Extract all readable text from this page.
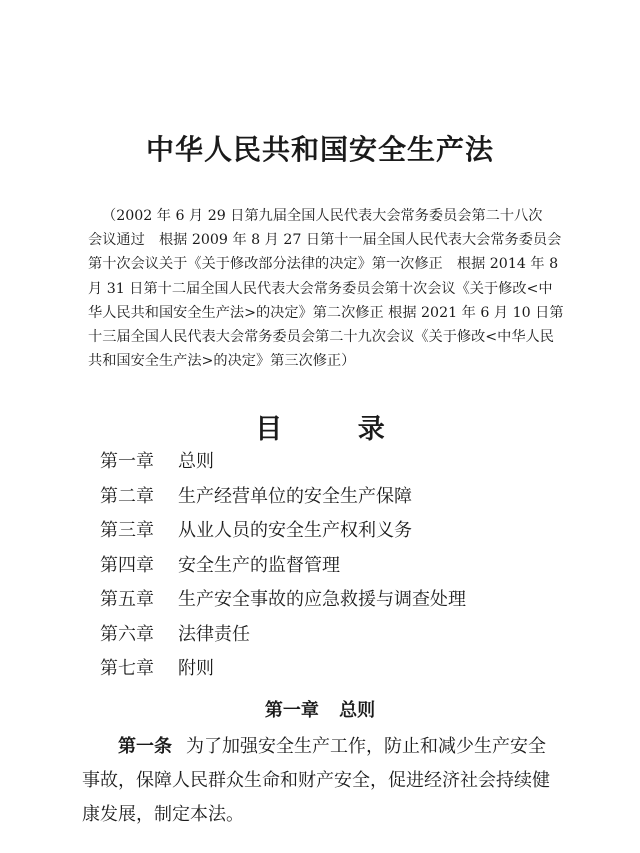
中华人民共和国安全生产法

（2002 年 6 月 29 日第九届全国人民代表大会常务委员会第二十八次
会议通过　根据 2009 年 8 月 27 日第十一届全国人民代表大会常务委员会
第十次会议关于《关于修改部分法律的决定》第一次修正　根据 2014 年 8
月 31 日第十二届全国人民代表大会常务委员会第十次会议《关于修改<中
华人民共和国安全生产法>的决定》第二次修正 根据 2021 年 6 月 10 日第
十三届全国人民代表大会常务委员会第二十九次会议《关于修改<中华人民
共和国安全生产法>的决定》第三次修正）

目 录
第一章 总则
第二章 生产经营单位的安全生产保障
第三章 从业人员的安全生产权利义务
第四章 安全生产的监督管理
第五章 生产安全事故的应急救援与调查处理
第六章 法律责任
第七章 附则
第一章 总则

第一条 为了加强安全生产工作，防止和减少生产安全
事故，保障人民群众生命和财产安全，促进经济社会持续健
康发展，制定本法。
